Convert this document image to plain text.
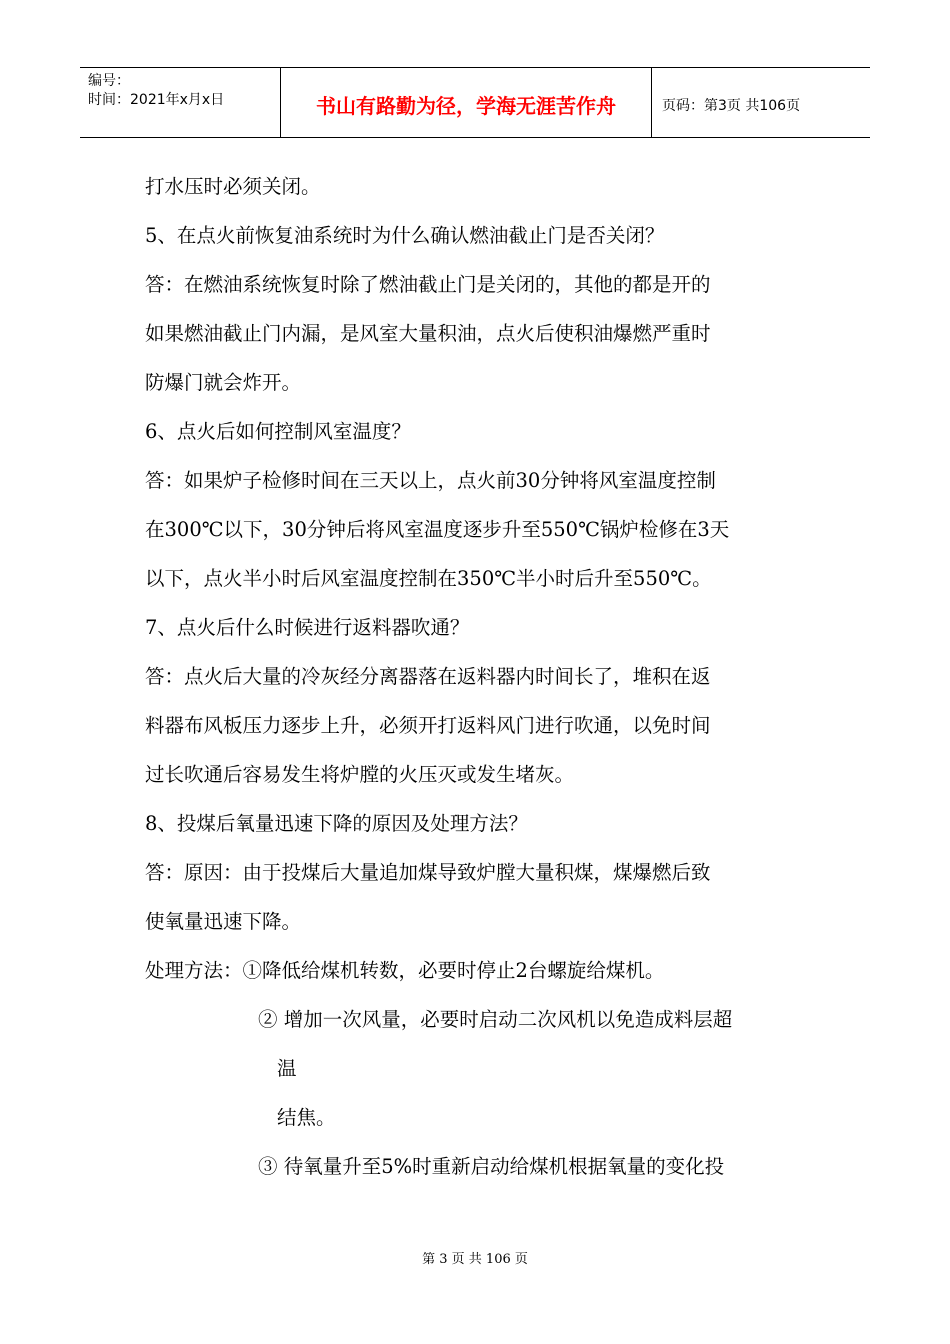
编号：
时间：2021年x月x日	书山有路勤为径，学海无涯苦作舟	页码：第3页 共106页

打水压时必须关闭。

5、在点火前恢复油系统时为什么确认燃油截止门是否关闭？

答：在燃油系统恢复时除了燃油截止门是关闭的，其他的都是开的

如果燃油截止门内漏，是风室大量积油，点火后使积油爆燃严重时

防爆门就会炸开。

6、点火后如何控制风室温度？

答：如果炉子检修时间在三天以上，点火前30分钟将风室温度控制

在300℃以下，30分钟后将风室温度逐步升至550℃锅炉检修在3天

以下，点火半小时后风室温度控制在350℃半小时后升至550℃。

7、点火后什么时候进行返料器吹通？

答：点火后大量的冷灰经分离器落在返料器内时间长了，堆积在返

料器布风板压力逐步上升，必须开打返料风门进行吹通，以免时间

过长吹通后容易发生将炉膛的火压灭或发生堵灰。

8、投煤后氧量迅速下降的原因及处理方法？

答：原因：由于投煤后大量追加煤导致炉膛大量积煤，煤爆燃后致

使氧量迅速下降。

处理方法：①降低给煤机转数，必要时停止2台螺旋给煤机。

② 增加一次风量，必要时启动二次风机以免造成料层超

温

结焦。

③ 待氧量升至5%时重新启动给煤机根据氧量的变化投

第 3 页 共 106 页
